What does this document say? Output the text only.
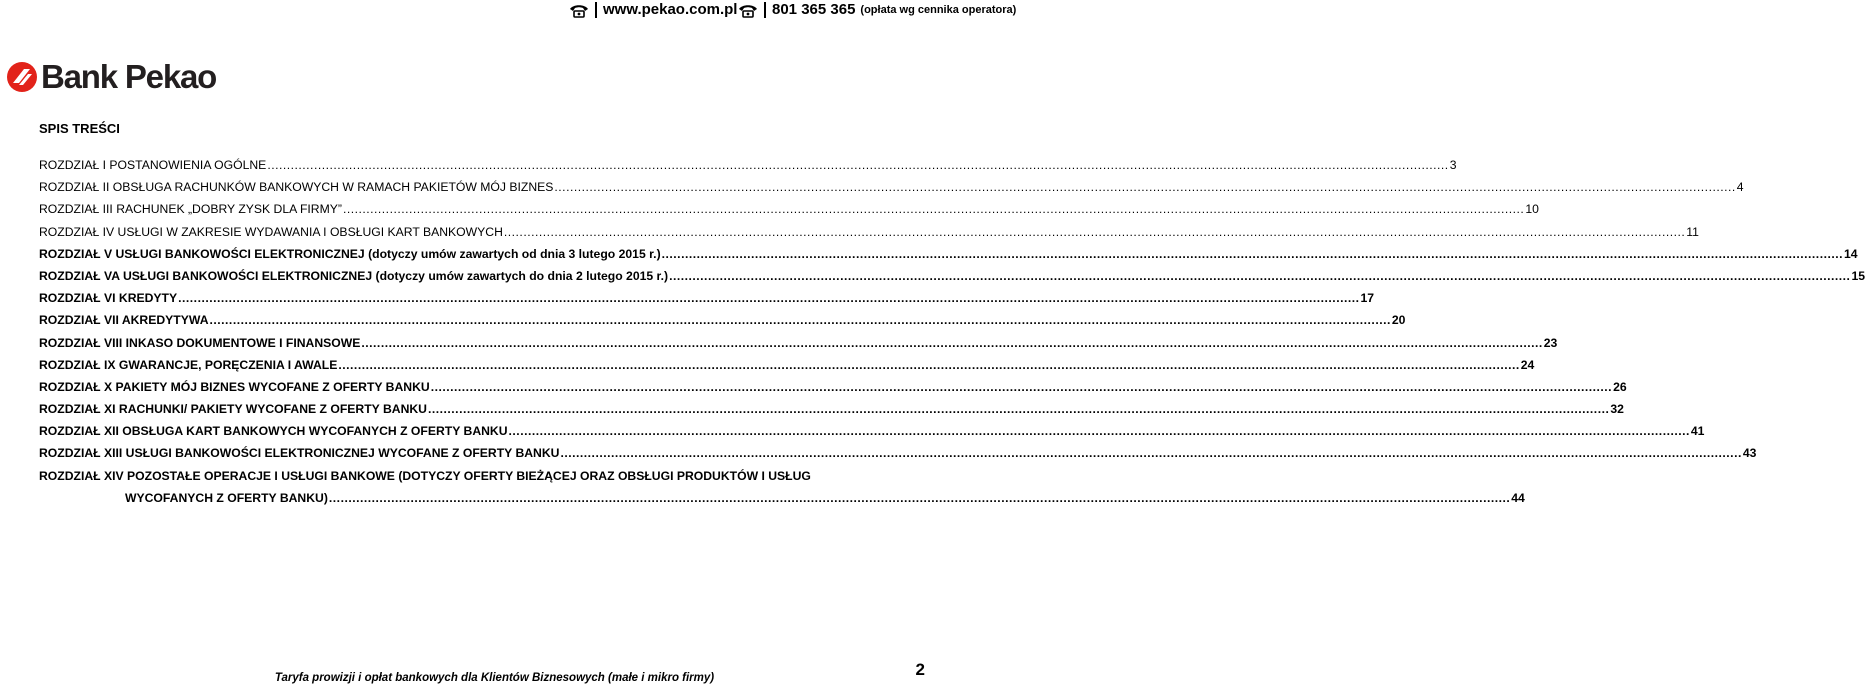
www.pekao.com.pl 801 365 365 (opłata wg cennika operatora)
Bank Pekao
SPIS TREŚCI
ROZDZIAŁ I POSTANOWIENIA OGÓLNE .....	3
ROZDZIAŁ II OBSŁUGA RACHUNKÓW BANKOWYCH W RAMACH PAKIETÓW MÓJ BIZNES .....	4
ROZDZIAŁ III RACHUNEK „DOBRY ZYSK DLA FIRMY” .....	10
ROZDZIAŁ IV USŁUGI W ZAKRESIE WYDAWANIA I OBSŁUGI KART BANKOWYCH .....	11
ROZDZIAŁ V USŁUGI BANKOWOŚCI ELEKTRONICZNEJ (dotyczy umów zawartych od dnia 3 lutego 2015 r.) .....	14
ROZDZIAŁ VA USŁUGI BANKOWOŚCI ELEKTRONICZNEJ (dotyczy umów zawartych do dnia 2 lutego 2015 r.) .....	15
ROZDZIAŁ VI KREDYTY .....	17
ROZDZIAŁ VII AKREDYTYWA .....	20
ROZDZIAŁ VIII INKASO DOKUMENTOWE I FINANSOWE .....	23
ROZDZIAŁ IX GWARANCJE, PORĘCZENIA I AWALE .....	24
ROZDZIAŁ X PAKIETY MÓJ BIZNES WYCOFANE Z OFERTY BANKU .....	26
ROZDZIAŁ XI RACHUNKI/ PAKIETY WYCOFANE Z OFERTY BANKU .....	32
ROZDZIAŁ XII OBSŁUGA KART BANKOWYCH WYCOFANYCH Z OFERTY BANKU .....	41
ROZDZIAŁ XIII USŁUGI BANKOWOŚCI ELEKTRONICZNEJ WYCOFANE Z OFERTY BANKU .....	43
ROZDZIAŁ XIV POZOSTAŁE OPERACJE I USŁUGI BANKOWE (DOTYCZY OFERTY BIEŻĄCEJ ORAZ OBSŁUGI PRODUKTÓW I USŁUG
WYCOFANYCH Z OFERTY BANKU) .....	44
2
Taryfa prowizji i opłat bankowych dla Klientów Biznesowych (małe i mikro firmy)
